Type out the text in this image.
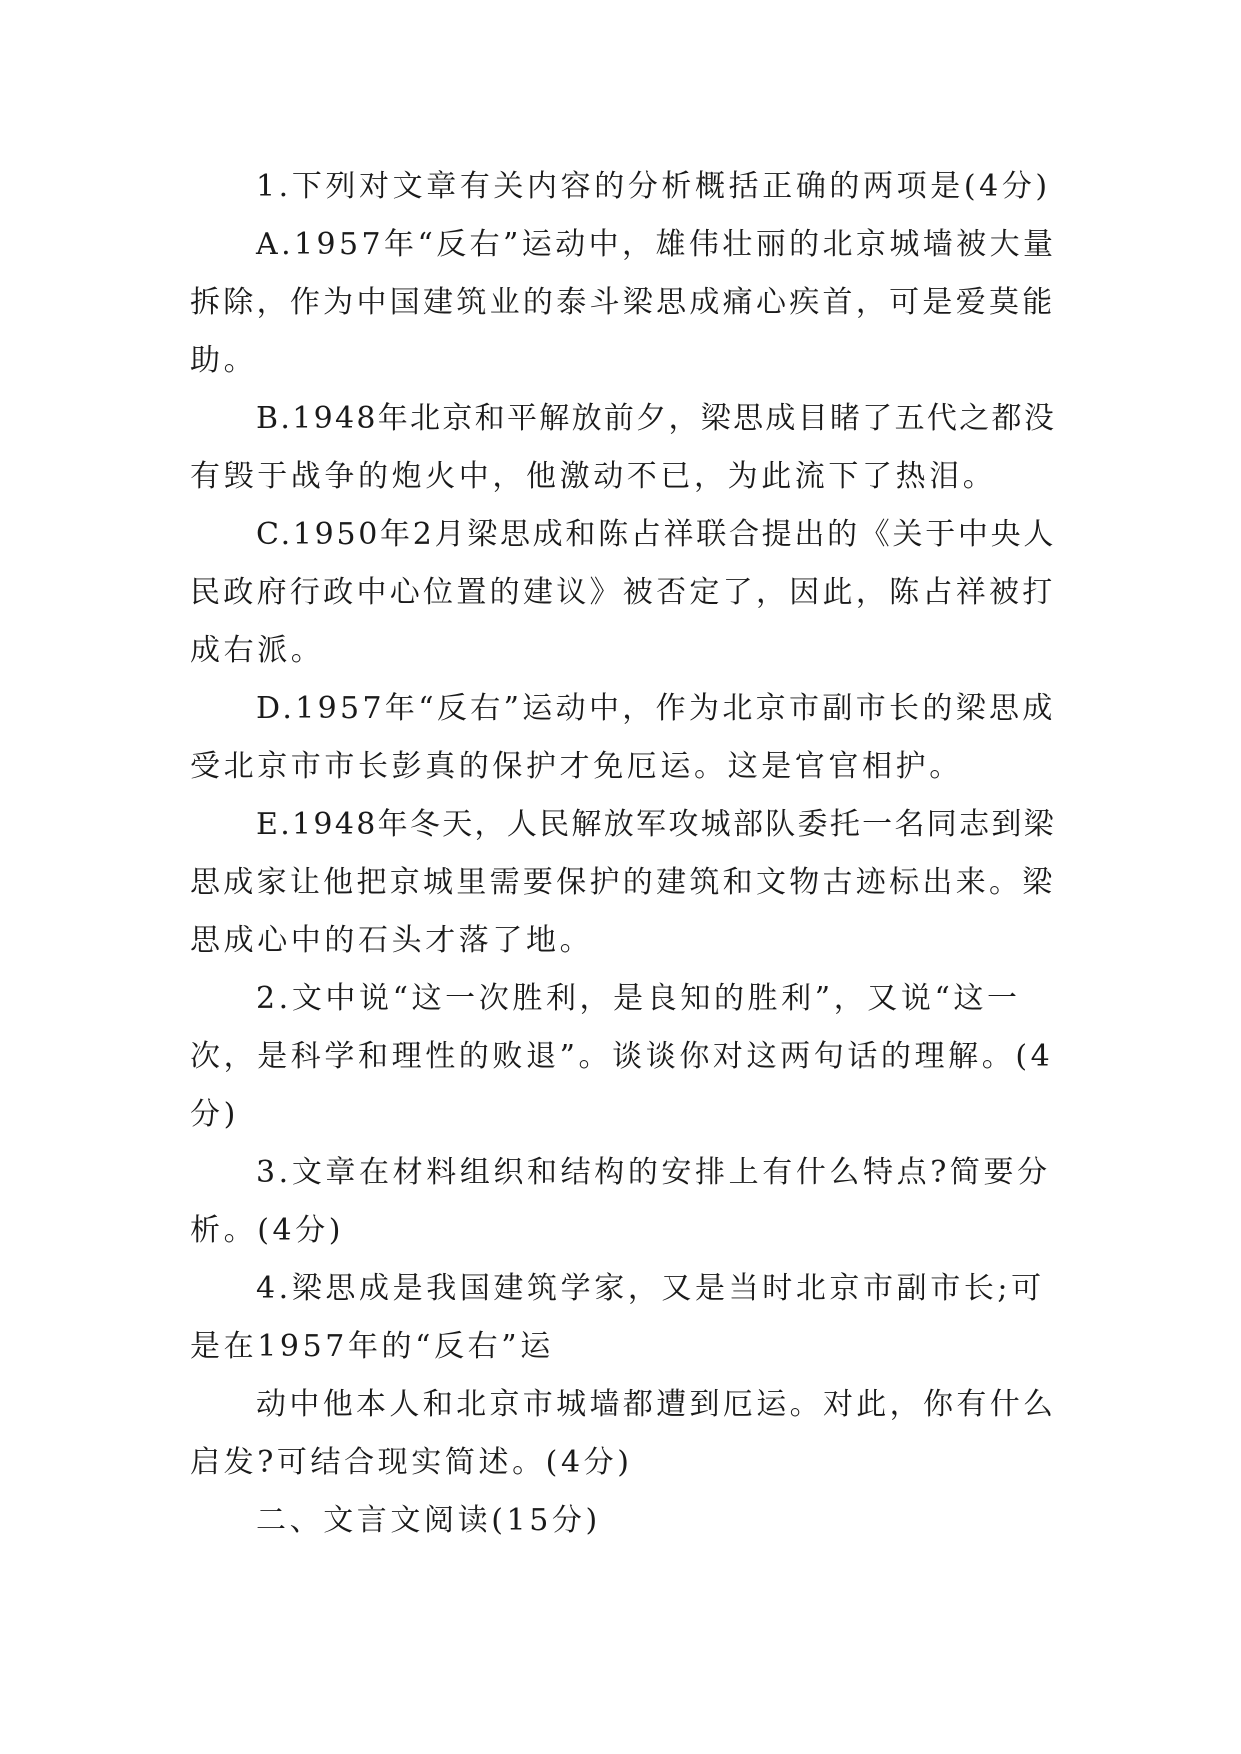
1.下列对文章有关内容的分析概括正确的两项是(4分)
A.1957年“反右”运动中，雄伟壮丽的北京城墙被大量
拆除，作为中国建筑业的泰斗梁思成痛心疾首，可是爱莫能
助。
B.1948年北京和平解放前夕，梁思成目睹了五代之都没
有毁于战争的炮火中，他激动不已，为此流下了热泪。
C.1950年2月梁思成和陈占祥联合提出的《关于中央人
民政府行政中心位置的建议》被否定了，因此，陈占祥被打
成右派。
D.1957年“反右”运动中，作为北京市副市长的梁思成
受北京市市长彭真的保护才免厄运。这是官官相护。
E.1948年冬天，人民解放军攻城部队委托一名同志到梁
思成家让他把京城里需要保护的建筑和文物古迹标出来。梁
思成心中的石头才落了地。
2.文中说“这一次胜利，是良知的胜利”，又说“这一
次，是科学和理性的败退”。谈谈你对这两句话的理解。(4
分)
3.文章在材料组织和结构的安排上有什么特点?简要分
析。(4分)
4.梁思成是我国建筑学家，又是当时北京市副市长;可
是在1957年的“反右”运
动中他本人和北京市城墙都遭到厄运。对此，你有什么
启发?可结合现实简述。(4分)
二、文言文阅读(15分)
